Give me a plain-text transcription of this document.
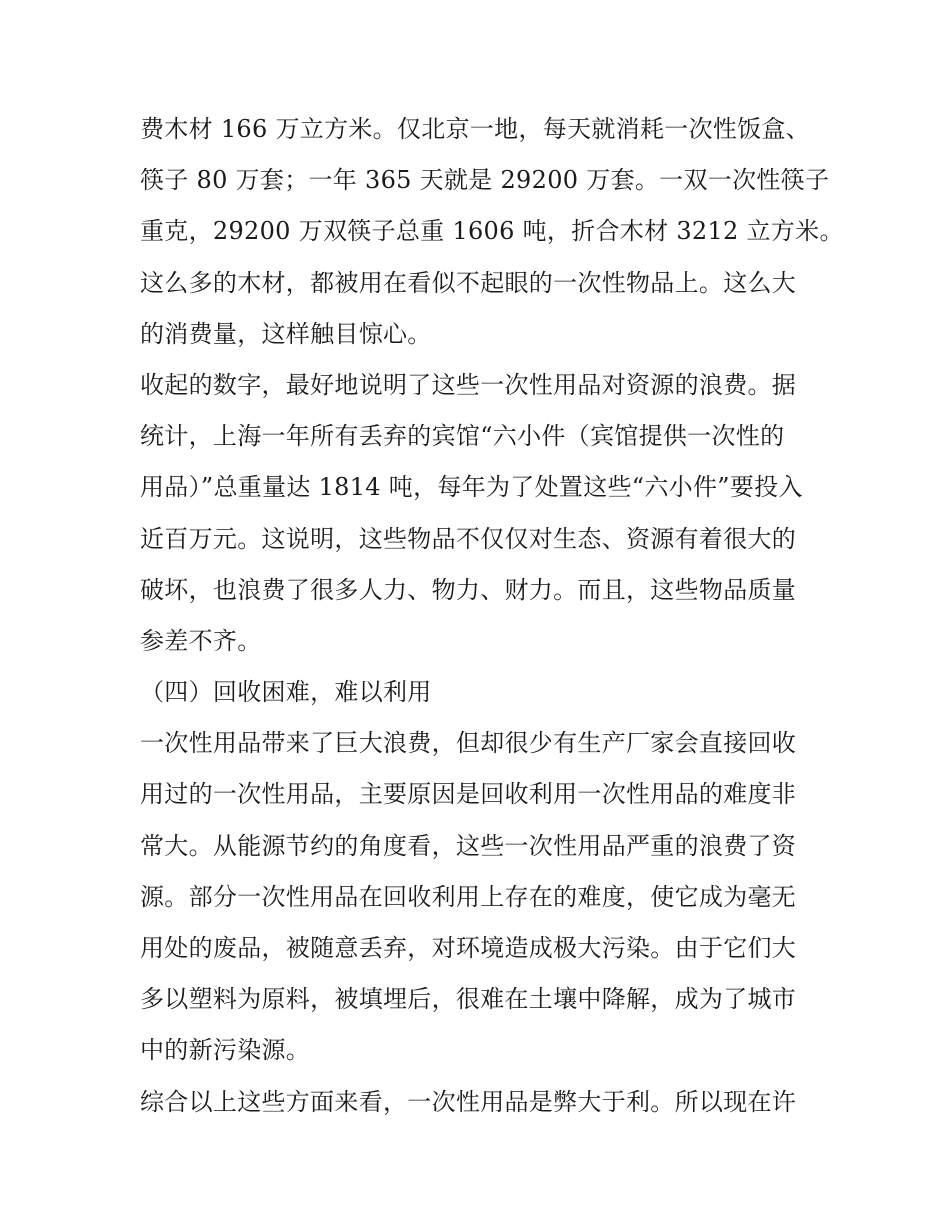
费木材 166 万立方米。仅北京一地，每天就消耗一次性饭盒、
筷子 80 万套；一年 365 天就是 29200 万套。一双一次性筷子
重克，29200 万双筷子总重 1606 吨，折合木材 3212 立方米。
这么多的木材，都被用在看似不起眼的一次性物品上。这么大
的消费量，这样触目惊心。
收起的数字，最好地说明了这些一次性用品对资源的浪费。据
统计，上海一年所有丢弃的宾馆“六小件（宾馆提供一次性的
用品）”总重量达 1814 吨，每年为了处置这些“六小件”要投入
近百万元。这说明，这些物品不仅仅对生态、资源有着很大的
破坏，也浪费了很多人力、物力、财力。而且，这些物品质量
参差不齐。
（四）回收困难，难以利用
一次性用品带来了巨大浪费，但却很少有生产厂家会直接回收
用过的一次性用品，主要原因是回收利用一次性用品的难度非
常大。从能源节约的角度看，这些一次性用品严重的浪费了资
源。部分一次性用品在回收利用上存在的难度，使它成为毫无
用处的废品，被随意丢弃，对环境造成极大污染。由于它们大
多以塑料为原料，被填埋后，很难在土壤中降解，成为了城市
中的新污染源。
综合以上这些方面来看，一次性用品是弊大于利。所以现在许
